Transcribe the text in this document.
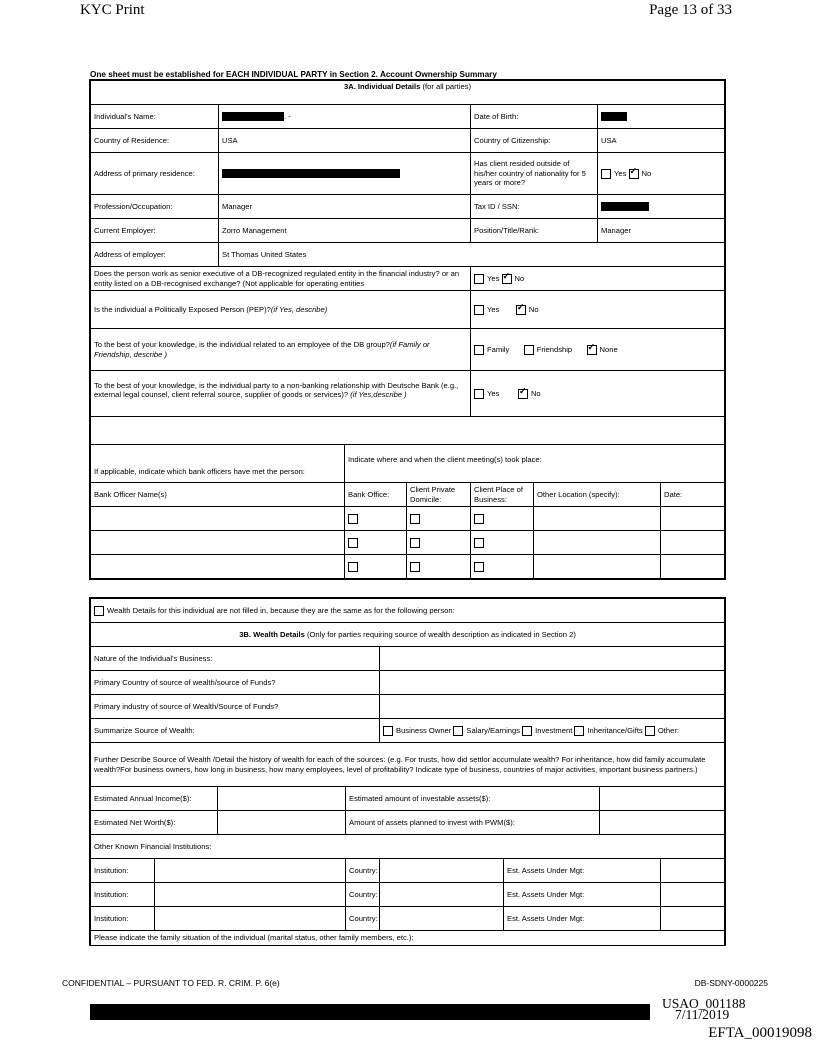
KYC Print	Page 13 of 33
One sheet must be established for EACH INDIVIDUAL PARTY in Section 2. Account Ownership Summary
3A. Individual Details (for all parties)							
Individual's Name:	. -			Date of Birth:			
Country of Residence:	USA			Country of Citizenship:		USA	
Address of primary residence:				Has client resided outside of his/her country of nationality for 5 years or more?		Yes ✓ No
Profession/Occupation:	Manager			Tax ID / SSN:			
Current Employer:	Zorro Management			Position/Title/Rank:		Manager	
Address of employer:	St Thomas United States						
Does the person work as senior executive of a DB-recognized regulated entity in the financial industry? or an entity listed on a DB-recognised exchange? (Not applicable for operating entities				Yes ✓ No
Is the individual a Politically Exposed Person (PEP)?(if Yes, describe)				Yes ✓ No
To the best of your knowledge, is the individual related to an employee of the DB group?(if Family or Friendship, describe )				Family Friendship ✓ None
To the best of your knowledge, is the individual party to a non-banking relationship with Deutsche Bank (e.g., external legal counsel, client referral source, supplier of goods or services)? (if Yes,describe )				Yes ✓ No

If applicable, indicate which bank officers have met the person:		Indicate where and when the client meeting(s) took place:					
Bank Officer Name(s)		Bank Office:	Client Private Domicile:	Client Place of Business:	Other Location (specify):		Date:

Wealth Details for this individual are not filled in, because they are the same as for the following person:							
3B. Wealth Details (Only for parties requiring source of wealth description as indicated in Section 2)							
Nature of the Individual's Business:							
Primary Country of source of wealth/source of Funds?							
Primary industry of source of Wealth/Source of Funds?							
Summarize Source of Wealth:				Business Owner Salary/Earnings Investment Inheritance/Gifts Other:			
Further Describe Source of Wealth /Detail the history of wealth for each of the sources: (e.g. For trusts, how did settlor accumulate wealth? For inheritance, how did family accumulate wealth?For business owners, how long in business, how many employees, level of profitability? Indicate type of business, countries of major activities, important business partners.)							
Estimated Annual Income($):			Estimated amount of investable assets($):				
Estimated Net Worth($):			Amount of assets planned to invest with PWM($):				
Other Known Financial Institutions:							
Institution:			Country:		Est. Assets Under Mgt:		
Institution:			Country:		Est. Assets Under Mgt:		
Institution:			Country:		Est. Assets Under Mgt:		
Please indicate the family situation of the individual (marital status, other family members, etc.):							
CONFIDENTIAL – PURSUANT TO FED. R. CRIM. P. 6(e)	DB-SDNY-0000225
USAO_001188
7/11/2019
EFTA_00019098
